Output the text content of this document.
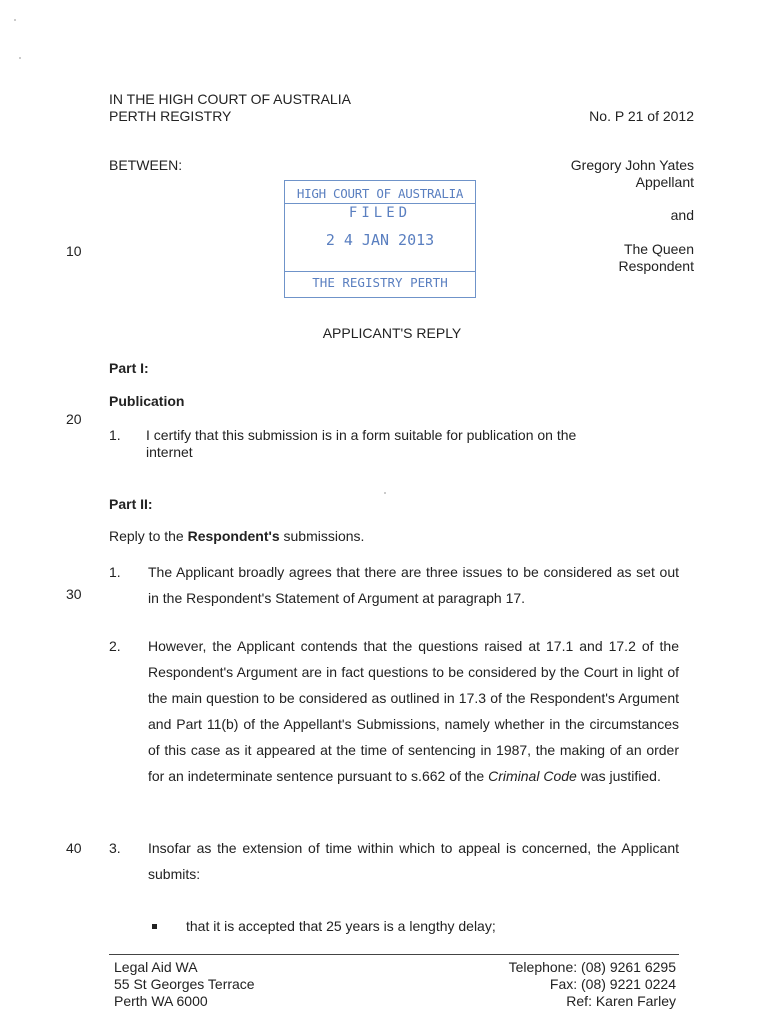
IN THE HIGH COURT OF AUSTRALIA
PERTH REGISTRY	No. P 21 of 2012
BETWEEN:	Gregory John Yates
Appellant
and
The Queen
Respondent
HIGH COURT OF AUSTRALIA
FILED
2 4 JAN 2013
THE REGISTRY PERTH
10
20
30
40
APPLICANT'S REPLY
Part I:
Publication
1. I certify that this submission is in a form suitable for publication on the
internet
Part II:
Reply to the Respondent's submissions.
1. The Applicant broadly agrees that there are three issues to be considered as set out in the Respondent's Statement of Argument at paragraph 17.
2. However, the Applicant contends that the questions raised at 17.1 and 17.2 of the Respondent's Argument are in fact questions to be considered by the Court in light of the main question to be considered as outlined in 17.3 of the Respondent's Argument and Part 11(b) of the Appellant's Submissions, namely whether in the circumstances of this case as it appeared at the time of sentencing in 1987, the making of an order for an indeterminate sentence pursuant to s.662 of the Criminal Code was justified.
3. Insofar as the extension of time within which to appeal is concerned, the Applicant submits:
that it is accepted that 25 years is a lengthy delay;
Legal Aid WA
55 St Georges Terrace
Perth WA 6000
Telephone: (08) 9261 6295
Fax: (08) 9221 0224
Ref: Karen Farley
